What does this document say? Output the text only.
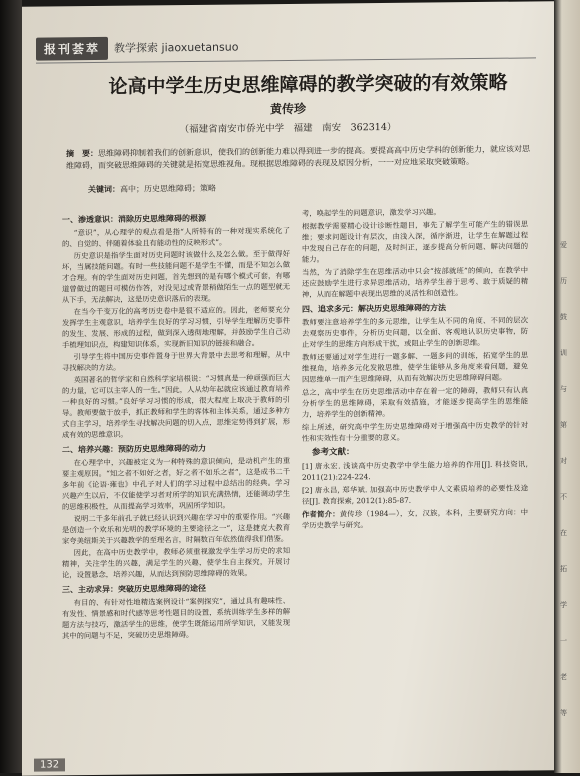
报刊荟萃	教学探索 jiaoxuetansuo
论高中学生历史思维障碍的教学突破的有效策略
黄传珍
（福建省南安市侨光中学　福建　南安　362314）
摘　要：思维障碍抑制着我们的创新意识，使我们的创新能力难以得到进一步的提高。要提高高中历史学科的创新能力，就应该对思维障碍，而突破思维障碍的关键就是拓宽思维视角。现根据思维障碍的表现及原因分析，一一对应地采取突破策略。
关键词：高中；历史思维障碍；策略
一、渗透意识：消除历史思维障碍的根源

“意识”，从心理学的观点看是指“人所特有的一种对现实系统化了的、自觉的、伴随着体验且有能动性的反映形式”。

历史意识是指学生面对历史问题时该做什么及怎么做。至于做得好坏，当属技能问题。有时一些技能问题不是学生不懂，而是不知怎么做才合理。有的学生面对历史问题，首先想到的是有哪个模式可套，有哪道曾做过的题目可模仿作答，对没见过或背景稍做陌生一点的题型就无从下手，无法解决，这是历史意识落后的表现。

在当今千变万化的高考历史卷中是很不适应的。因此，老师要充分发挥学生主观意识，培养学生良好的学习习惯，引导学生理解历史事件的发生、发展、形成的过程，做到深入透彻地理解，并鼓励学生自己动手梳理知识点，构建知识体系，实现新旧知识的链接和融合。

引导学生将中国历史事件置身于世界大背景中去思考和理解，从中寻找解决的方法。

英国著名的哲学家和自然科学家培根说：“习惯真是一种顽强而巨大的力量，它可以主宰人的一生。”因此，人从幼年起就应该通过教育培养一种良好的习惯。”良好学习习惯的形成，很大程度上取决于教师的引导。教师要做于放手，抓正教师和学生的客体和主体关系，通过多种方式自主学习，培养学生寻找解决问题的切入点，思维定势得到扩展，形成有效的思维意识。

二、培养兴趣：预防历史思维障碍的动力

在心理学中，兴趣被定义为一种特殊的意识倾向，是动机产生的重要主观原因。“知之者不如好之者，好之者不如乐之者”，这是成书二千多年前《论语·雍也》中孔子对人们的学习过程中总结出的经典。学习兴趣产生以后，不仅能使学习者对所学的知识充满热情，还能调动学生的思维积极性，从而提高学习效率，巩固所学知识。

说明二千多年前孔子就已经认识到兴趣在学习中的重要作用。“兴趣是创造一个欢乐和光明的教学环境的主要途径之一”，这是捷克大教育家夸美纽斯关于兴趣教学的至理名言，时隔数百年依然值得我们借鉴。

因此，在高中历史教学中，教师必须重视激发学生学习历史的求知精神，关注学生的兴趣，满足学生的兴趣，使学生自主探究，开展讨论，设置悬念，培养兴趣，从而达到预防思维障碍的效果。

三、主动求异：突破历史思维障碍的途径

有目的、有针对性地精选案例设计“案例探究”，通过具有趣味性、有发性、情景感和时代感等思考性题目的设置，系统训练学生多样的解题方法与技巧，激活学生的思维，使学生既能运用所学知识，又能发现其中的问题与不足，突破历史思维障碍。

考，唤起学生的问题意识，激发学习兴趣。

根据教学需要精心设计诊断性题目，事先了解学生可能产生的错误思维；要求问题设计有层次，由浅入深，循序渐进，让学生在解题过程中发现自己存在的问题，及时纠正，逐步提高分析问题、解决问题的能力。

当然，为了消除学生在思维活动中只会“按部就班”的倾向，在教学中还应鼓励学生进行求异思维活动，培养学生善于思考、敢于质疑的精神，从而在解题中表现出思维的灵活性和创造性。

四、追求多元：解决历史思维障碍的方法

教师要注意培养学生的多元思维，让学生从不同的角度、不同的层次去观察历史事件，分析历史问题，以全面、客观地认识历史事物，防止对学生的思维方向形成干扰，或阻止学生的创新思维。

教师还要通过对学生进行一题多解、一题多问的训练，拓宽学生的思维视角，培养多元化发散思维，使学生能够从多角度来看问题，避免因思维单一而产生思维障碍，从而有效解决历史思维障碍问题。

总之，高中学生在历史思维活动中存在着一定的障碍，教师只有认真分析学生的思维障碍，采取有效措施，才能逐步提高学生的思维能力，培养学生的创新精神。

综上所述，研究高中学生历史思维障碍对于增强高中历史教学的针对性和实效性有十分重要的意义。

参考文献：

[1] 唐永宏. 浅谈高中历史教学中学生能力培养的作用[J]. 科技资讯, 2011(21):224-224.

[2] 唐永昌, 郑华斌. 加强高中历史教学中人文素质培养的必要性及途径[J]. 教育探索, 2012(1):85-87.

作者简介：黄传珍（1984—），女，汉族，本科，主要研究方向：中学历史教学与研究。

132
爱
历
鼓
训
与
第
对
不
在
拓
学
一
老
等
